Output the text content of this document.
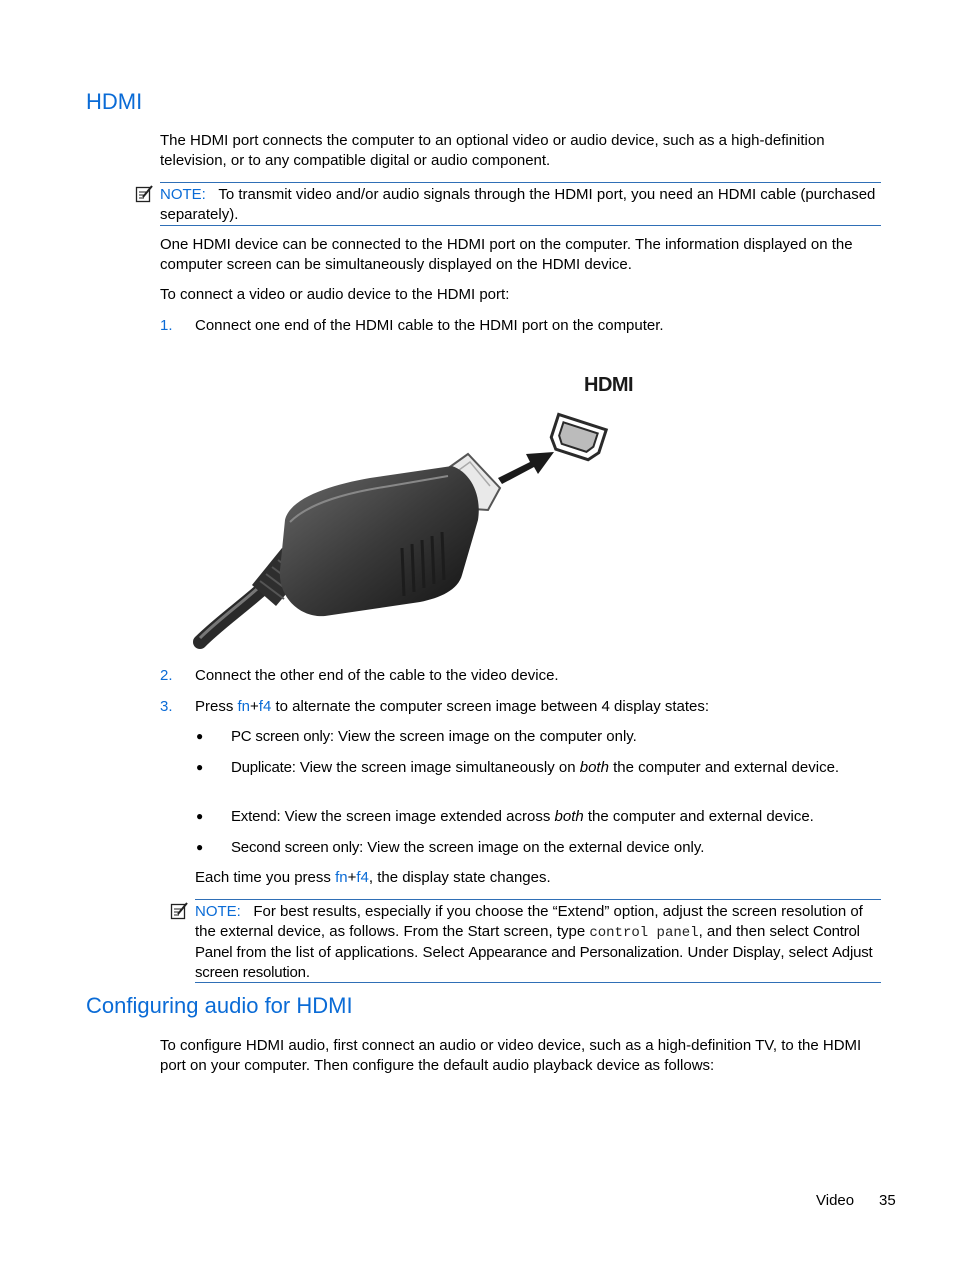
HDMI
The HDMI port connects the computer to an optional video or audio device, such as a high-definition television, or to any compatible digital or audio component.
NOTE: To transmit video and/or audio signals through the HDMI port, you need an HDMI cable (purchased separately).
One HDMI device can be connected to the HDMI port on the computer. The information displayed on the computer screen can be simultaneously displayed on the HDMI device.
To connect a video or audio device to the HDMI port:
1. Connect one end of the HDMI cable to the HDMI port on the computer.
HDMI
2. Connect the other end of the cable to the video device.
3. Press fn+f4 to alternate the computer screen image between 4 display states:
● PC screen only: View the screen image on the computer only.
● Duplicate: View the screen image simultaneously on both the computer and external device.
● Extend: View the screen image extended across both the computer and external device.
● Second screen only: View the screen image on the external device only.
Each time you press fn+f4, the display state changes.
NOTE: For best results, especially if you choose the “Extend” option, adjust the screen resolution of the external device, as follows. From the Start screen, type control panel, and then select Control Panel from the list of applications. Select Appearance and Personalization. Under Display, select Adjust screen resolution.
Configuring audio for HDMI
To configure HDMI audio, first connect an audio or video device, such as a high-definition TV, to the HDMI port on your computer. Then configure the default audio playback device as follows:
Video 35
